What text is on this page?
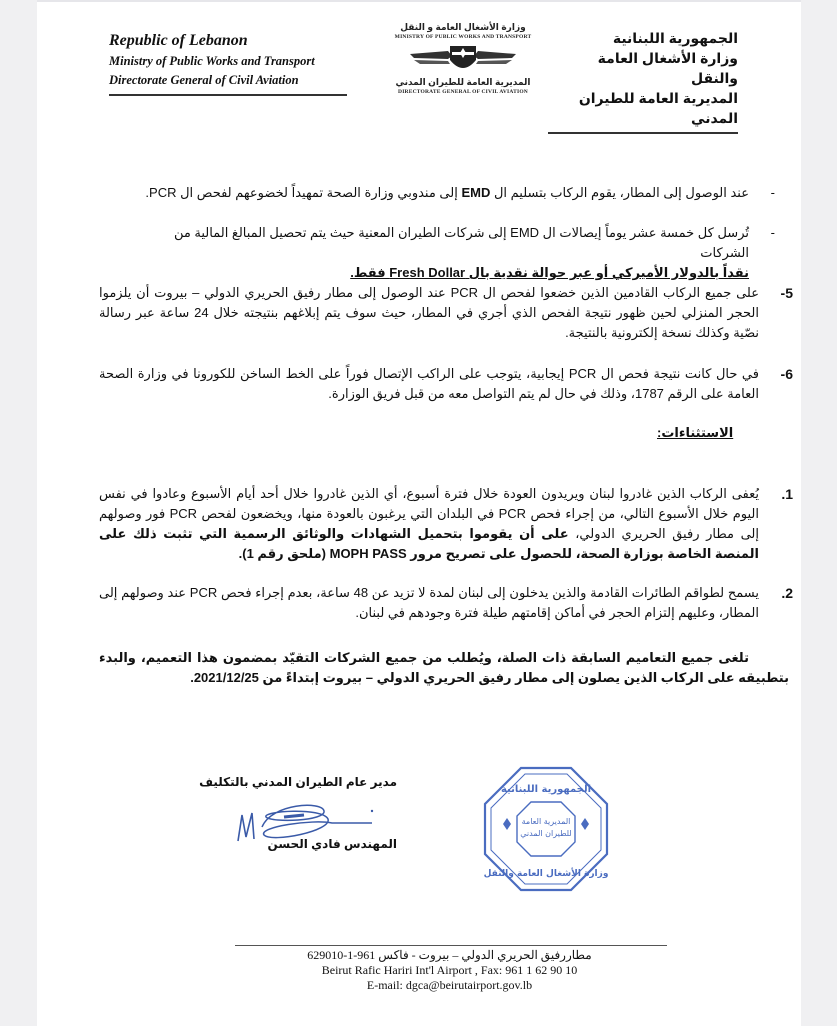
Republic of Lebanon
Ministry of Public Works and Transport
Directorate General of Civil Aviation
وزارة الأشغال العامة و النقل
MINISTRY OF PUBLIC WORKS AND TRANSPORT
المديرية العامة للطيران المدني
DIRECTORATE GENERAL OF CIVIL AVIATION
الجمهورية اللبنانية
وزارة الأشغال العامة والنقل
المديرية العامة للطيران المدني
-
عند الوصول إلى المطار، يقوم الركاب بتسليم ال EMD إلى مندوبي وزارة الصحة تمهيداً لخضوعهم لفحص ال PCR.
-
تُرسل كل خمسة عشر يوماً إيصالات ال EMD إلى شركات الطيران المعنية حيث يتم تحصيل المبالغ المالية من الشركات
نقداً بالدولار الأميركي أو عبر حوالة نقدية بال Fresh Dollar فقط.
5-
على جميع الركاب القادمين الذين خضعوا لفحص ال PCR عند الوصول إلى مطار رفيق الحريري الدولي – بيروت أن يلزموا الحجر المنزلي لحين ظهور نتيجة الفحص الذي أجري في المطار، حيث سوف يتم إبلاغهم بنتيجته خلال 24 ساعة عبر رسالة نصّية وكذلك نسخة إلكترونية بالنتيجة.
6-
في حال كانت نتيجة فحص ال PCR إيجابية، يتوجب على الراكب الإتصال فوراً على الخط الساخن للكورونا في وزارة الصحة العامة على الرقم 1787، وذلك في حال لم يتم التواصل معه من قبل فريق الوزارة.
الاستثناءات:
1.
يُعفى الركاب الذين غادروا لبنان ويريدون العودة خلال فترة أسبوع، أي الذين غادروا خلال أحد أيام الأسبوع وعادوا في نفس اليوم خلال الأسبوع التالي، من إجراء فحص PCR في البلدان التي يرغبون بالعودة منها، ويخضعون لفحص PCR فور وصولهم إلى مطار رفيق الحريري الدولي، على أن يقوموا بتحميل الشهادات والوثائق الرسمية التي تثبت ذلك على المنصة الخاصة بوزارة الصحة، للحصول على تصريح مرور MOPH PASS (ملحق رقم 1).
2.
يسمح لطواقم الطائرات القادمة والذين يدخلون إلى لبنان لمدة لا تزيد عن 48 ساعة، بعدم إجراء فحص PCR عند وصولهم إلى المطار، وعليهم إلتزام الحجر في أماكن إقامتهم طيلة فترة وجودهم في لبنان.
تلغى جميع التعاميم السابقة ذات الصلة، ويُطلب من جميع الشركات التقيّد بمضمون هذا التعميم، والبدء بتطبيقه على الركاب الذين يصلون إلى مطار رفيق الحريري الدولي – بيروت إبتداءً من 2021/12/25.
مدير عام الطيران المدني بالتكليف
المهندس فادي الحسن
المديرية العامة
للطيران المدني
الجمهورية اللبنانية
وزارة الأشغال العامة والنقل
مطاررفيق الحريري الدولي – بيروت - فاكس 961-1-629010
Beirut Rafic Hariri Int'l Airport , Fax: 961 1 62 90 10
E-mail: dgca@beirutairport.gov.lb
